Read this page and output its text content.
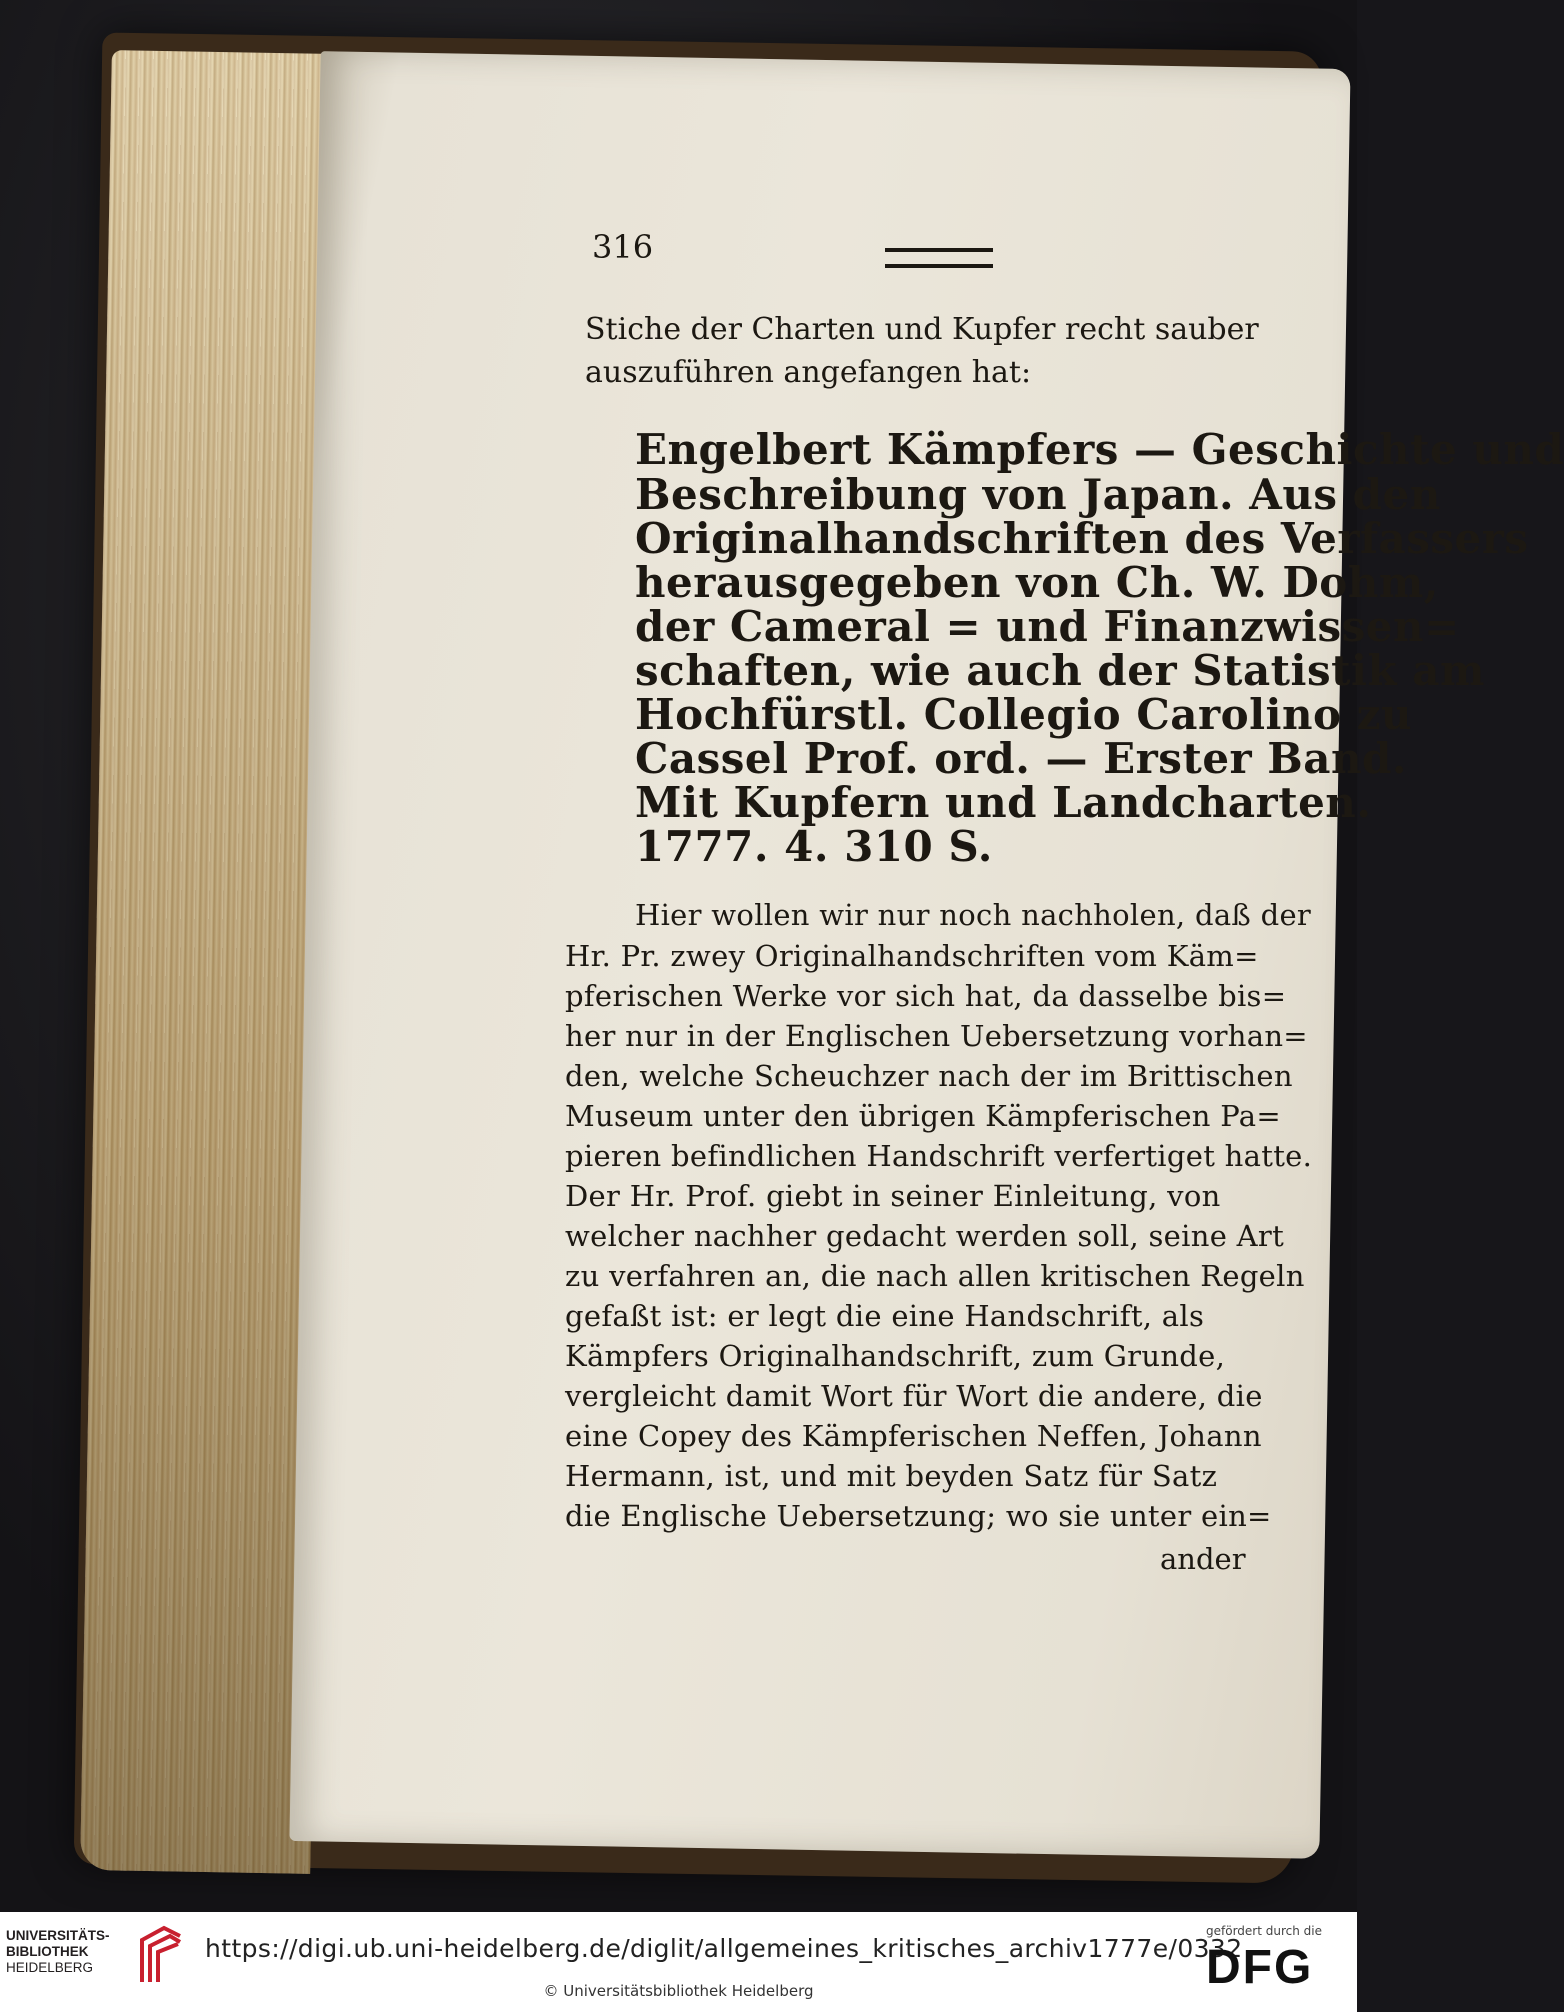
316
Stiche der Charten und Kupfer recht sauber
auszuführen angefangen hat:
Engelbert Kämpfers — Geschichte und
Beschreibung von Japan. Aus den
Originalhandschriften des Verfassers
herausgegeben von Ch. W. Dohm,
der Cameral = und Finanzwissen=
schaften, wie auch der Statistik am
Hochfürstl. Collegio Carolino zu
Cassel Prof. ord. — Erster Band.
Mit Kupfern und Landcharten.
1777. 4. 310 S.
Hier wollen wir nur noch nachholen, daß der
Hr. Pr. zwey Originalhandschriften vom Käm=
pferischen Werke vor sich hat, da dasselbe bis=
her nur in der Englischen Uebersetzung vorhan=
den, welche Scheuchzer nach der im Brittischen
Museum unter den übrigen Kämpferischen Pa=
pieren befindlichen Handschrift verfertiget hatte.
Der Hr. Prof. giebt in seiner Einleitung, von
welcher nachher gedacht werden soll, seine Art
zu verfahren an, die nach allen kritischen Regeln
gefaßt ist: er legt die eine Handschrift, als
Kämpfers Originalhandschrift, zum Grunde,
vergleicht damit Wort für Wort die andere, die
eine Copey des Kämpferischen Neffen, Johann
Hermann, ist, und mit beyden Satz für Satz
die Englische Uebersetzung; wo sie unter ein=
ander
UNIVERSITÄTS-
BIBLIOTHEK
HEIDELBERG
https://digi.ub.uni-heidelberg.de/diglit/allgemeines_kritisches_archiv1777e/0332
© Universitätsbibliothek Heidelberg
gefördert durch die
DFG
